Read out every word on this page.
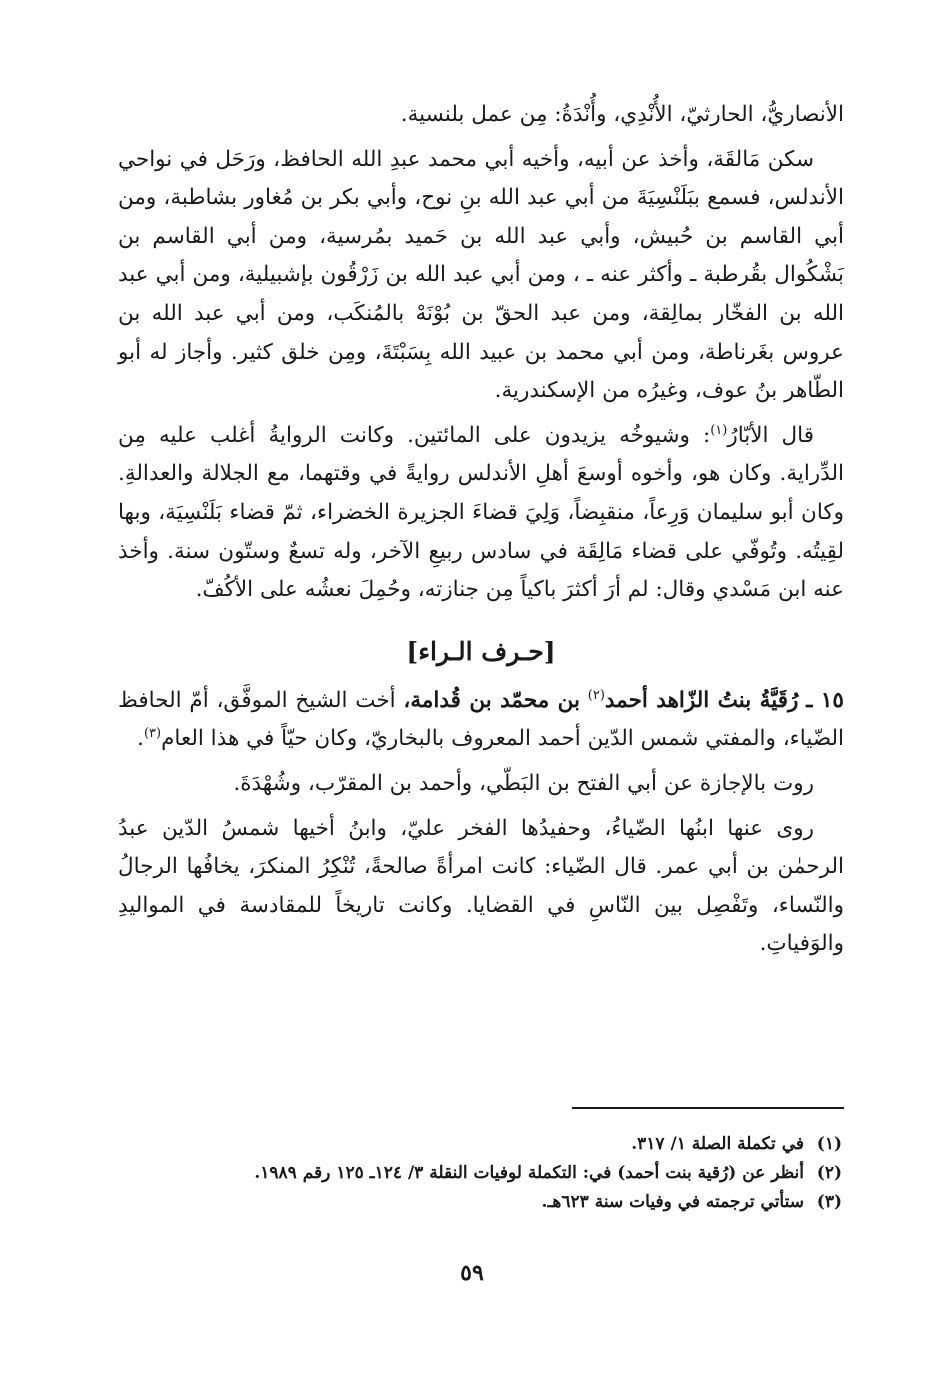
الأنصاريُّ، الحارثيّ، الأُنْدِي، وأُنْدَةُ: مِن عمل بلنسية.

سكن مَالقَة، وأخذ عن أبيه، وأخيه أبي محمد عبدِ الله الحافظ، ورَحَل في نواحي الأندلس، فسمع ببَلَنْسِيَةَ من أبي عبد الله بنِ نوح، وأبي بكر بن مُغاور بشاطبة، ومن أبي القاسم بن حُبيش، وأبي عبد الله بن حَميد بمُرسية، ومن أبي القاسم بن بَشْكُوال بقُرطبة ـ وأكثر عنه ـ ، ومن أبي عبد الله بن زَرْقُون بإشبيلية، ومن أبي عبد الله بن الفخّار بمالِقة، ومن عبد الحقّ بن بُوْنَهْ بالمُنكَب، ومن أبي عبد الله بن عروس بغَرناطة، ومن أبي محمد بن عبيد الله بِسَبْتَةَ، ومِن خلق كثير. وأجاز له أبو الطّاهر بنُ عوف، وغيرُه من الإسكندرية.

قال الأبّارُ$^{(١)}$: وشيوخُه يزيدون على المائتين. وكانت الروايةُ أغلب عليه مِن الدِّراية. وكان هو، وأخوه أوسعَ أهلِ الأندلس روايةً في وقتهما، مع الجلالة والعدالةِ. وكان أبو سليمان وَرِعاً، منقبِضاً، وَلِيَ قضاءَ الجزيرة الخضراء، ثمّ قضاء بَلَنْسِيَة، وبها لقِيتُه. وتُوفّي على قضاء مَالِقَة في سادس ربيعِ الآخر، وله تسعٌ وستّون سنة. وأخذ عنه ابن مَسْدي وقال: لم أرَ أكثرَ باكياً مِن جنازته، وحُمِلَ نعشُه على الأكُفّ.

[حـرف الـراء]

١٥ ـ رُقَيَّةُ بنتُ الزّاهد أحمد$^{(٢)}$ بن محمّد بن قُدامة، أخت الشيخ الموفَّق، أمّ الحافظ الضّياء، والمفتي شمس الدّين أحمد المعروف بالبخاريّ، وكان حيّاً في هذا العام$^{(٣)}$.

روت بالإجازة عن أبي الفتح بن البَطّي، وأحمد بن المقرّب، وشُهْدَةَ.

روى عنها ابنُها الضّياءُ، وحفيدُها الفخر عليّ، وابنُ أخيها شمسُ الدّين عبدُ الرحمٰن بن أبي عمر. قال الضّياء: كانت امرأةً صالحةً، تُنْكِرُ المنكرَ، يخافُها الرجالُ والنّساء، وتَفْصِل بين النّاسِ في القضايا. وكانت تاريخاً للمقادسة في المواليدِ والوَفياتِ.

(١)
في تكملة الصلة ١/ ٣١٧.
(٢)
أنظر عن (رُقية بنت أحمد) في: التكملة لوفيات النقلة ٣/ ١٢٤ـ ١٢٥ رقم ١٩٨٩.
(٣)
ستأتي ترجمته في وفيات سنة ٦٢٣هـ.
٥٩
